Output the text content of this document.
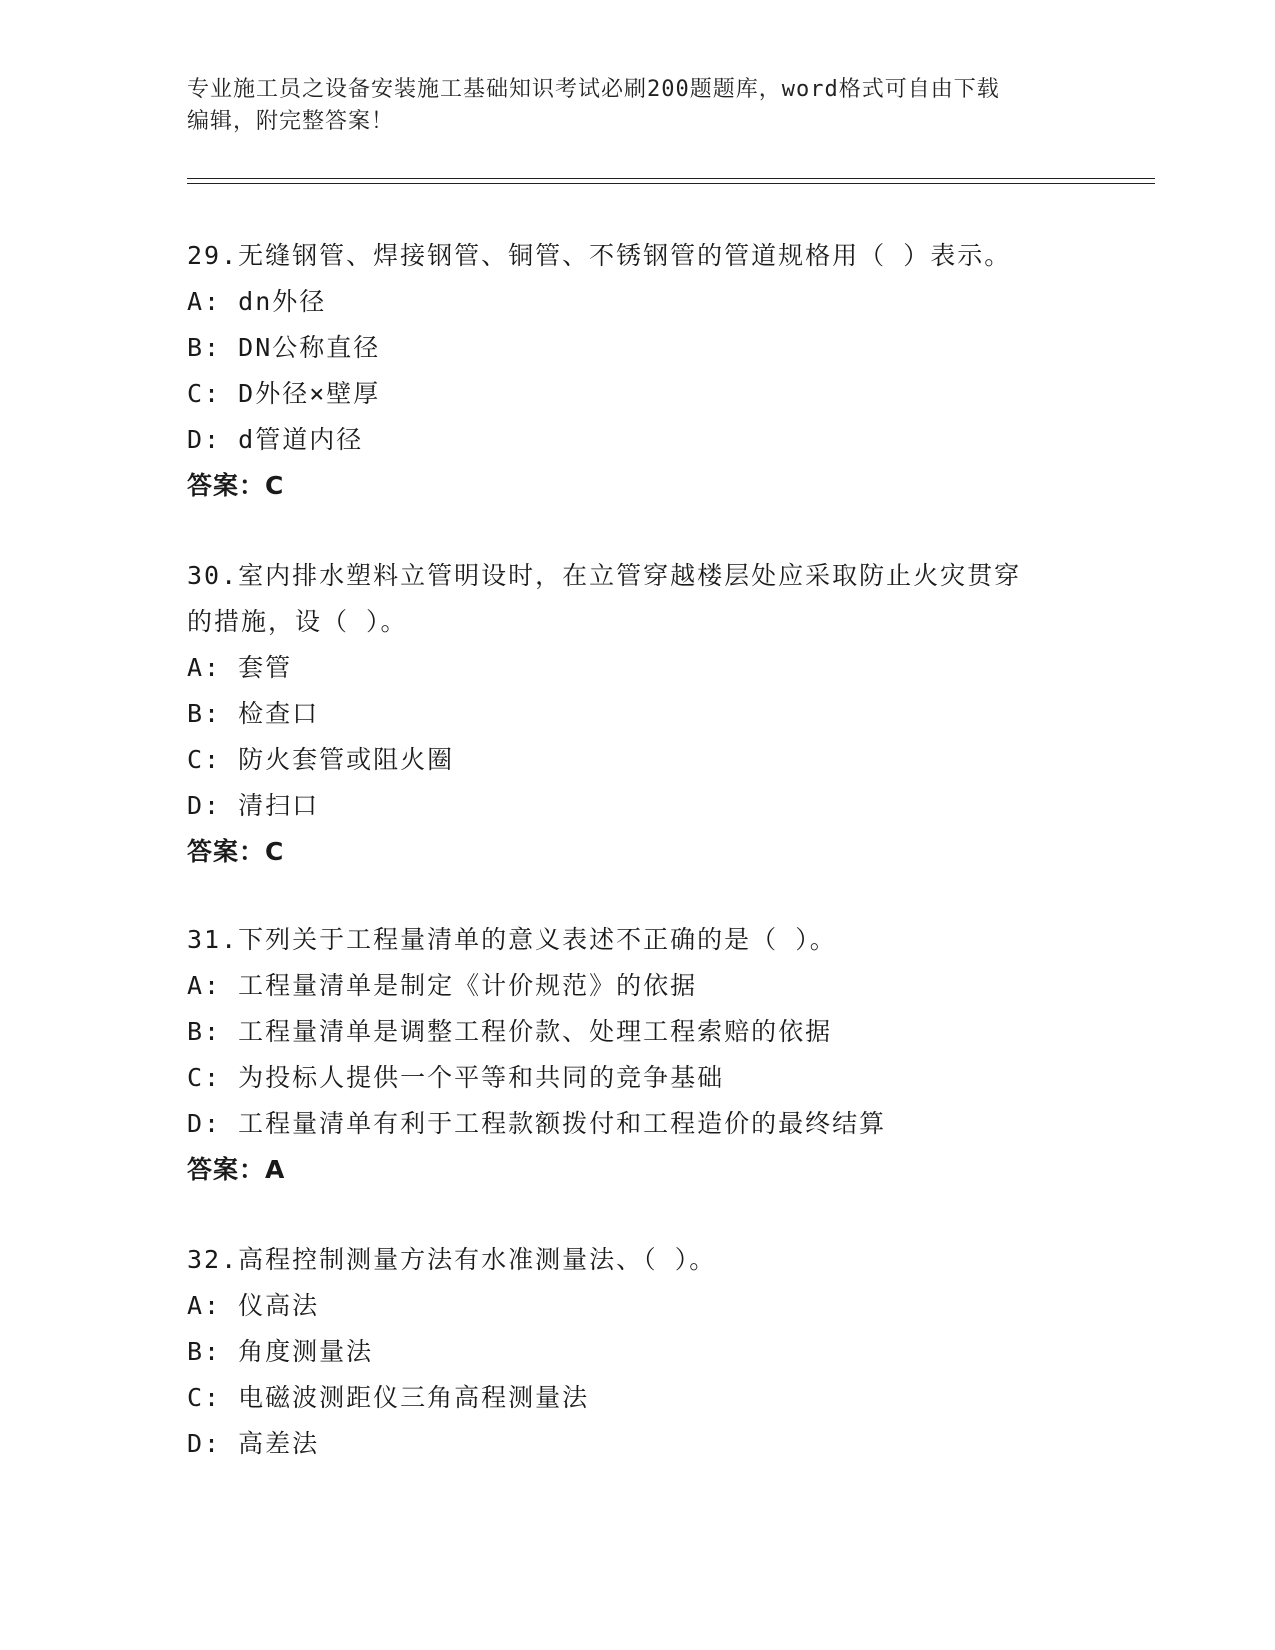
专业施工员之设备安装施工基础知识考试必刷200题题库，word格式可自由下载
编辑，附完整答案！

29.无缝钢管、焊接钢管、铜管、不锈钢管的管道规格用（ ）表示。

A: dn外径

B: DN公称直径

C: D外径×壁厚

D: d管道内径

答案：C

30.室内排水塑料立管明设时，在立管穿越楼层处应采取防止火灾贯穿

的措施，设（ ）。

A: 套管

B: 检查口

C: 防火套管或阻火圈

D: 清扫口

答案：C

31.下列关于工程量清单的意义表述不正确的是（ ）。

A: 工程量清单是制定《计价规范》的依据

B: 工程量清单是调整工程价款、处理工程索赔的依据

C: 为投标人提供一个平等和共同的竞争基础

D: 工程量清单有利于工程款额拨付和工程造价的最终结算

答案：A

32.高程控制测量方法有水准测量法、（ ）。

A: 仪高法

B: 角度测量法

C: 电磁波测距仪三角高程测量法

D: 高差法
